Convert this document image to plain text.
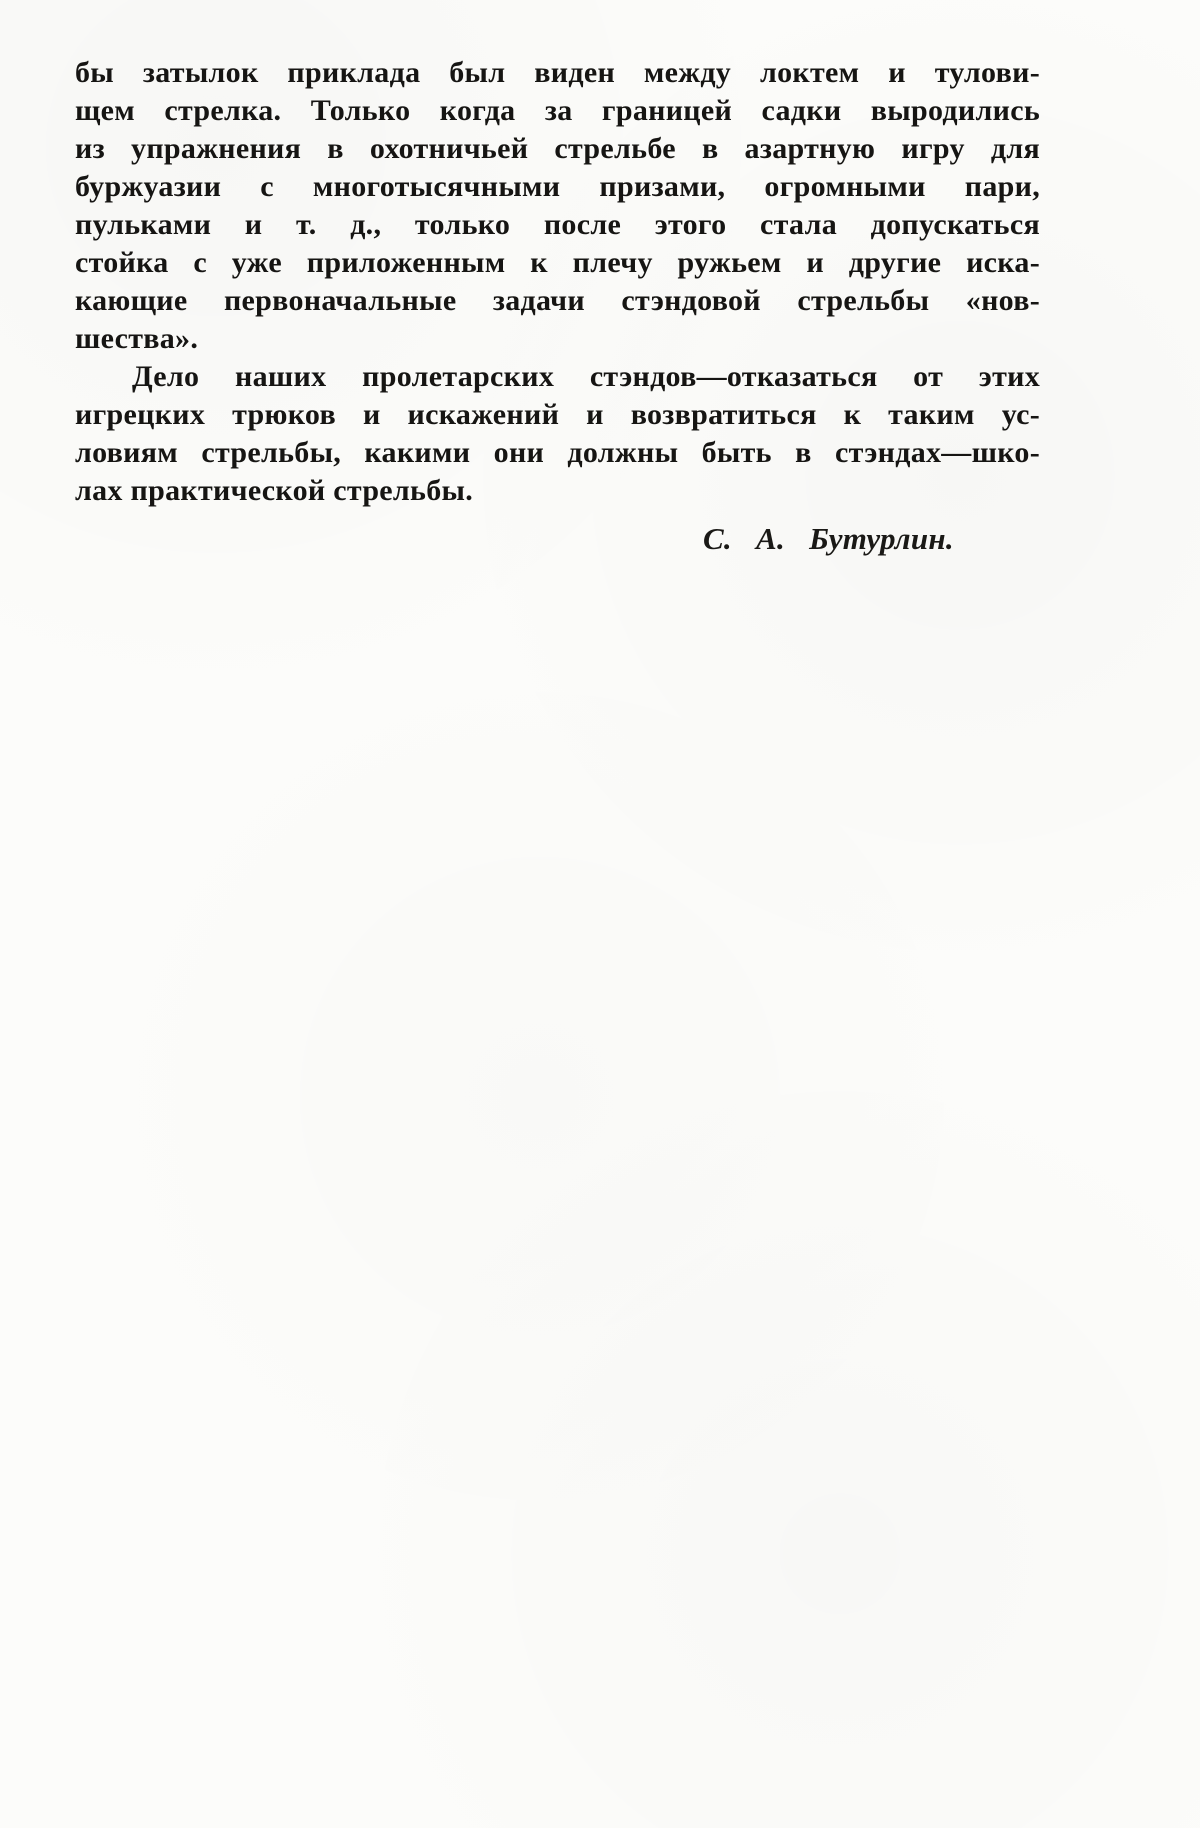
бы затылок приклада был виден между локтем и тулови-
щем стрелка. Только когда за границей садки выродились
из упражнения в охотничьей стрельбе в азартную игру для
буржуазии с многотысячными призами, огромными пари,
пульками и т. д., только после этого стала допускаться
стойка с уже приложенным к плечу ружьем и другие иска-
кающие первоначальные задачи стэндовой стрельбы «нов-
шества».
Дело наших пролетарских стэндов—отказаться от этих
игрецких трюков и искажений и возвратиться к таким ус-
ловиям стрельбы, какими они должны быть в стэндах—шко-
лах практической стрельбы.
С. А. Бутурлин.
